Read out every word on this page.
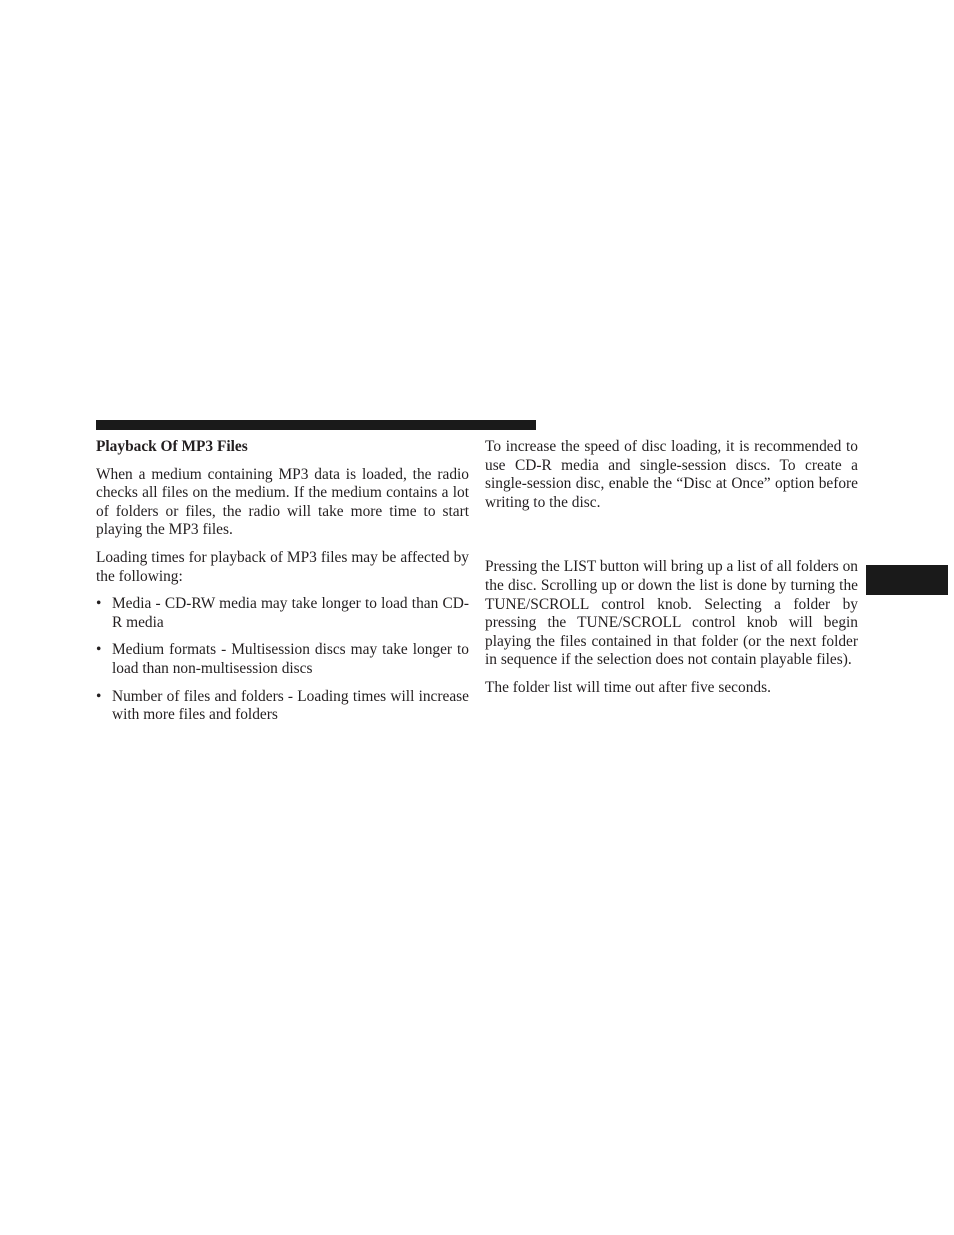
Playback Of MP3 Files

When a medium containing MP3 data is loaded, the radio checks all files on the medium. If the medium contains a lot of folders or files, the radio will take more time to start playing the MP3 files.

Loading times for playback of MP3 files may be affected by the following:

• Media - CD-RW media may take longer to load than CD-R media
• Medium formats - Multisession discs may take longer to load than non-multisession discs
• Number of files and folders - Loading times will increase with more files and folders

To increase the speed of disc loading, it is recommended to use CD-R media and single-session discs. To create a single-session disc, enable the “Disc at Once” option before writing to the disc.

Pressing the LIST button will bring up a list of all folders on the disc. Scrolling up or down the list is done by turning the TUNE/SCROLL control knob. Selecting a folder by pressing the TUNE/SCROLL control knob will begin playing the files contained in that folder (or the next folder in sequence if the selection does not contain playable files).

The folder list will time out after five seconds.
